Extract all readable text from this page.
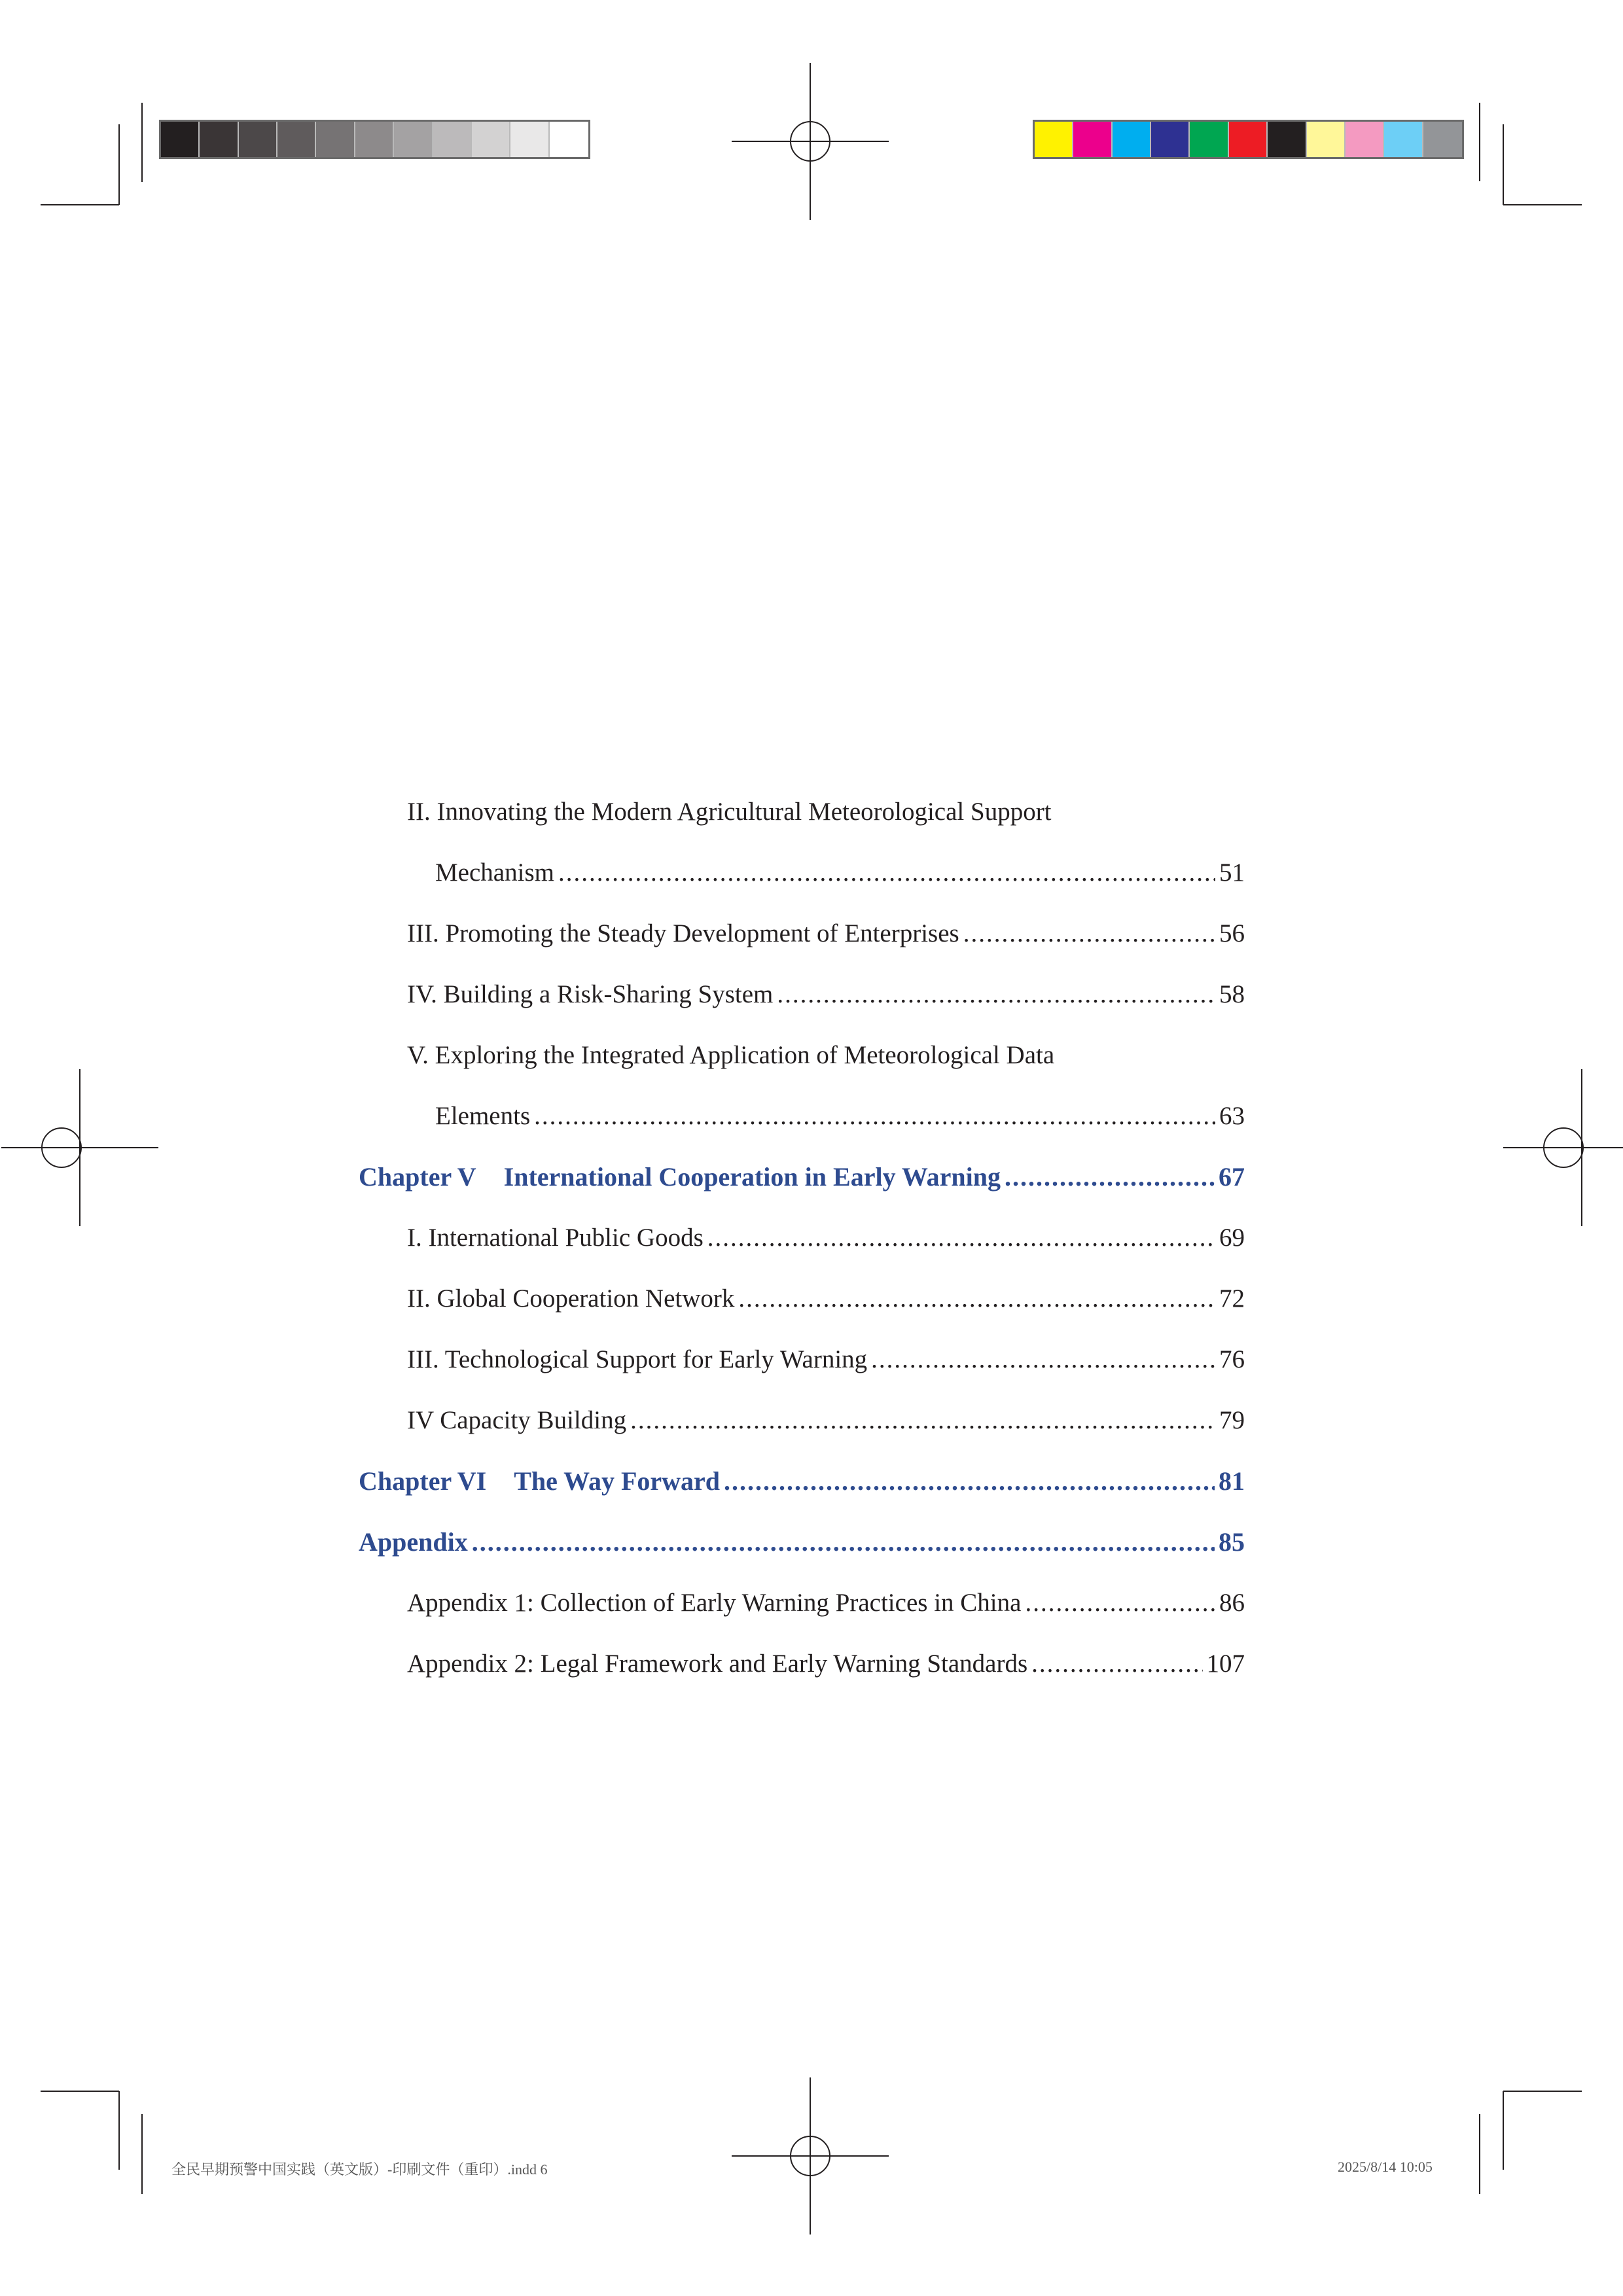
II. Innovating the Modern Agricultural Meteorological Support
Mechanism .....	51
III. Promoting the Steady Development of Enterprises .....	56
IV. Building a Risk-Sharing System .....	58
V. Exploring the Integrated Application of Meteorological Data
Elements .....	63
Chapter V International Cooperation in Early Warning .....	67
I. International Public Goods .....	69
II. Global Cooperation Network .....	72
III. Technological Support for Early Warning .....	76
IV Capacity Building .....	79
Chapter VI The Way Forward .....	81
Appendix .....	85
Appendix 1: Collection of Early Warning Practices in China .....	86
Appendix 2: Legal Framework and Early Warning Standards .....	107
全民早期预警中国实践（英文版）-印刷文件（重印）.indd 6	2025/8/14 10:05
